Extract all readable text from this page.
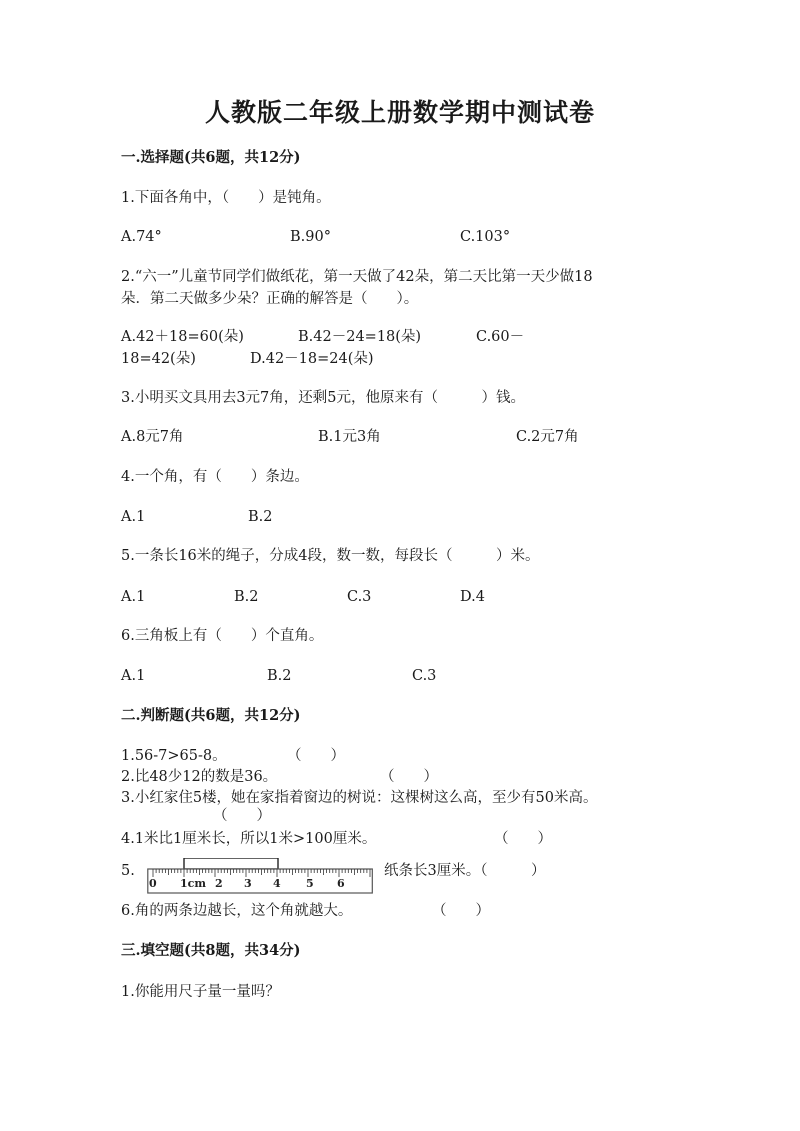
人教版二年级上册数学期中测试卷
一.选择题(共6题，共12分)
1.下面各角中，（　　）是钝角。
A.74°	B.90°	C.103°
2.“六一”儿童节同学们做纸花，第一天做了42朵，第二天比第一天少做18
朵．第二天做多少朵？正确的解答是（　　）。
A.42＋18=60(朵)	B.42－24=18(朵)	C.60－
18=42(朵)	D.42－18=24(朵)
3.小明买文具用去3元7角，还剩5元，他原来有（　　　）钱。
A.8元7角	B.1元3角	C.2元7角
4.一个角，有（　　）条边。
A.1	B.2
5.一条长16米的绳子，分成4段，数一数，每段长（　　　）米。
A.1	B.2	C.3	D.4
6.三角板上有（　　）个直角。
A.1	B.2	C.3
二.判断题(共6题，共12分)
1.56-7>65-8。	（　　）
2.比48少12的数是36。	（　　）
3.小红家住5楼，她在家指着窗边的树说：这棵树这么高，至少有50米高。
（　　）
4.1米比1厘米长，所以1米>100厘米。	（　　）
5.
0 1cm 2 3 4 5 6
纸条长3厘米。（　　　）
6.角的两条边越长，这个角就越大。	（　　）
三.填空题(共8题，共34分)
1.你能用尺子量一量吗？
